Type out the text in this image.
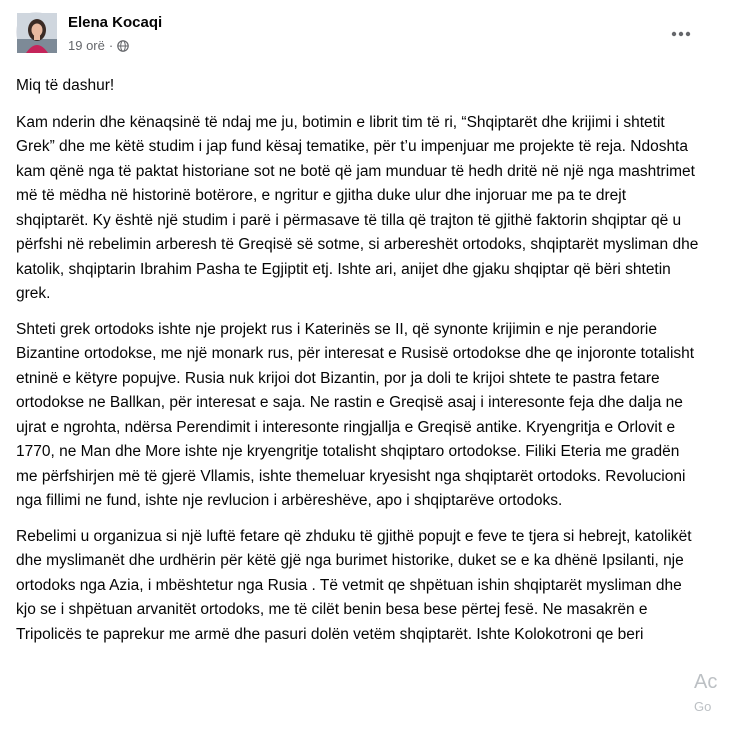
Elena Kocaqi
19 orë ·

Miq të dashur!

Kam nderin dhe kënaqsinë të ndaj me ju, botimin e librit tim të ri, “Shqiptarët dhe krijimi i shtetit Grek” dhe me këtë studim i jap fund kësaj tematike, për t’u impenjuar me projekte të reja. Ndoshta kam qënë nga të paktat historiane sot ne botë që jam munduar të hedh dritë në një nga mashtrimet më të mëdha në historinë botërore, e ngritur e gjitha duke ulur dhe injoruar me pa te drejt shqiptarët. Ky është një studim i parë i përmasave të tilla që trajton të gjithë faktorin shqiptar që u përfshi në rebelimin arberesh të Greqisë së sotme, si arbereshët ortodoks, shqiptarët mysliman dhe katolik, shqiptarin Ibrahim Pasha te Egjiptit etj. Ishte ari, anijet dhe gjaku shqiptar që bëri shtetin grek.

Shteti grek ortodoks ishte nje projekt rus i Katerinës se II, që synonte krijimin e nje perandorie Bizantine ortodokse, me një monark rus, për interesat e Rusisë ortodokse dhe qe injoronte totalisht etninë e këtyre popujve. Rusia nuk krijoi dot Bizantin, por ja doli te krijoi shtete te pastra fetare ortodokse ne Ballkan, për interesat e saja. Ne rastin e Greqisë asaj i interesonte feja dhe dalja ne ujrat e ngrohta, ndërsa Perendimit i interesonte ringjallja e Greqisë antike. Kryengritja e Orlovit e 1770, ne Man dhe More ishte nje kryengritje totalisht shqiptaro ortodokse. Filiki Eteria me gradën me përfshirjen më të gjerë Vllamis, ishte themeluar kryesisht nga shqiptarët ortodoks. Revolucioni nga fillimi ne fund, ishte nje revlucion i arbëreshëve, apo i shqiptarëve ortodoks.

Rebelimi u organizua si një luftë fetare që zhduku të gjithë popujt e feve te tjera si hebrejt, katolikët dhe myslimanët dhe urdhërin për këtë gjë nga burimet historike, duket se e ka dhënë Ipsilanti, nje ortodoks nga Azia, i mbështetur nga Rusia . Të vetmit qe shpëtuan ishin shqiptarët mysliman dhe kjo se i shpëtuan arvanitët ortodoks, me të cilët benin besa bese përtej fesë. Ne masakrën e Tripolicës te paprekur me armë dhe pasuri dolën vetëm shqiptarët. Ishte Kolokotroni qe beri

Ac
Go
